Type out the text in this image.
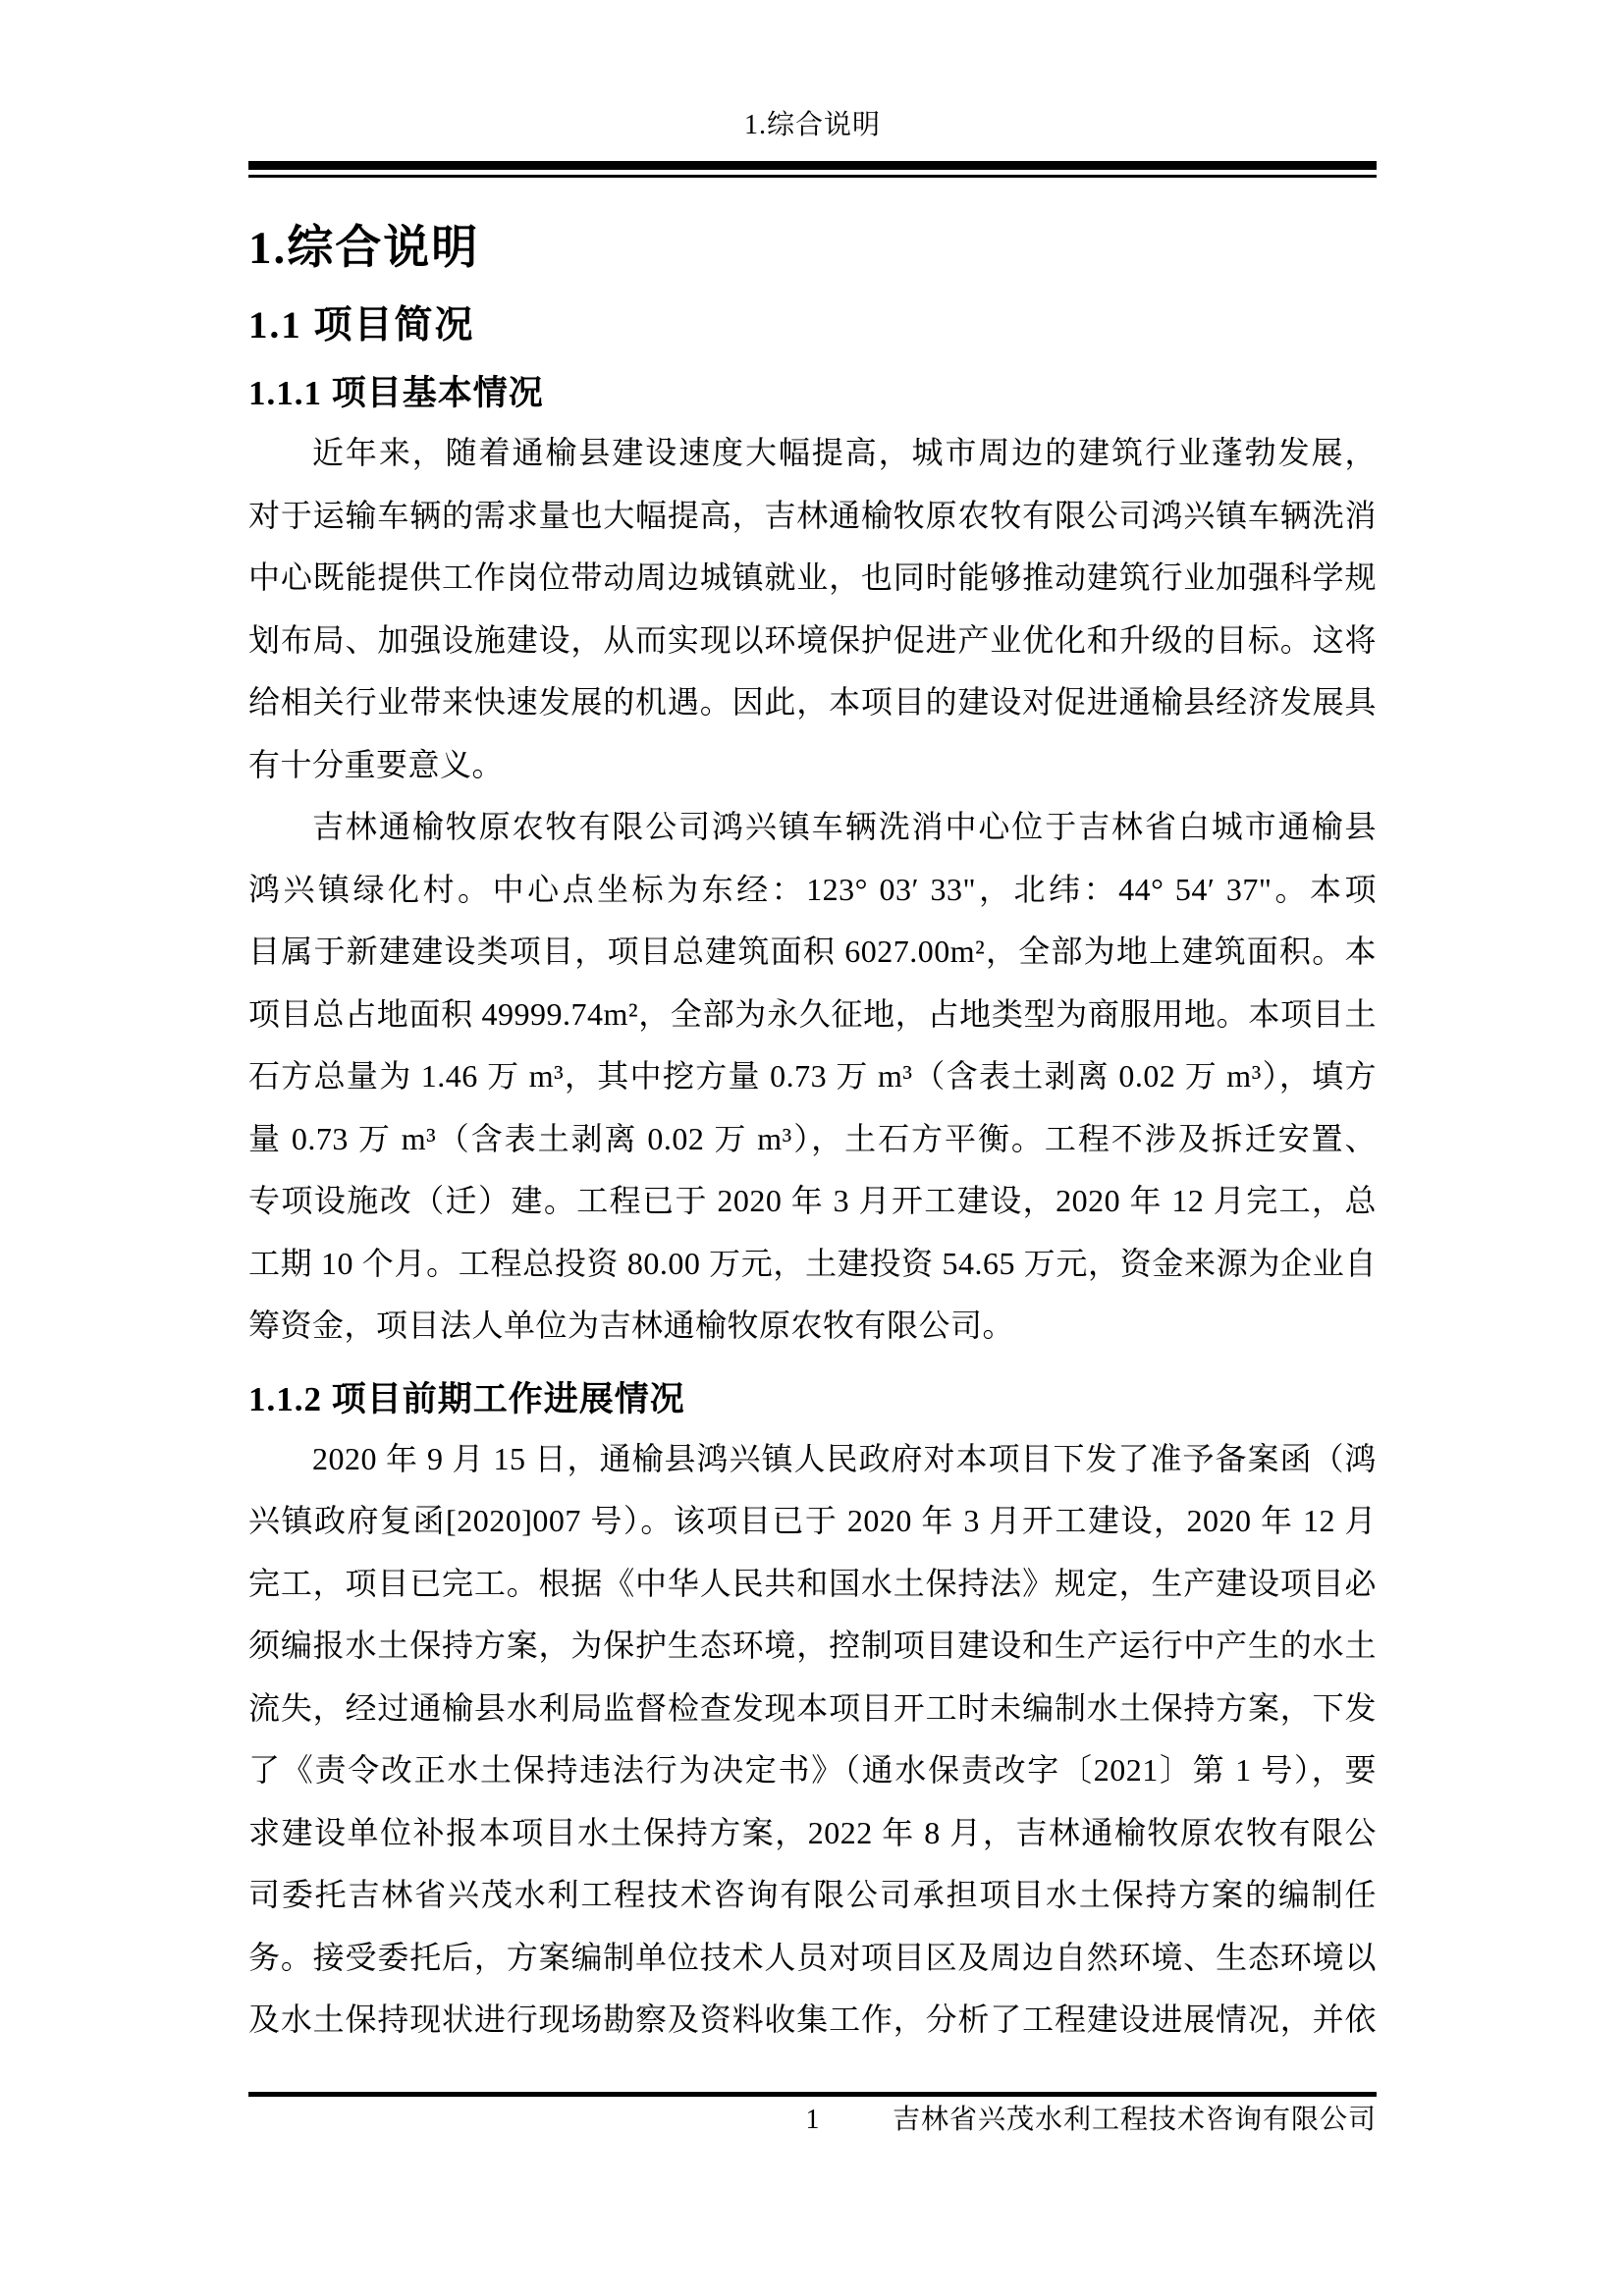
1.综合说明
1.综合说明
1.1 项目简况
1.1.1 项目基本情况
近年来，随着通榆县建设速度大幅提高，城市周边的建筑行业蓬勃发展，
对于运输车辆的需求量也大幅提高，吉林通榆牧原农牧有限公司鸿兴镇车辆洗消
中心既能提供工作岗位带动周边城镇就业，也同时能够推动建筑行业加强科学规
划布局、加强设施建设，从而实现以环境保护促进产业优化和升级的目标。这将
给相关行业带来快速发展的机遇。因此，本项目的建设对促进通榆县经济发展具
有十分重要意义。
吉林通榆牧原农牧有限公司鸿兴镇车辆洗消中心位于吉林省白城市通榆县
鸿兴镇绿化村。中心点坐标为东经：123° 03′ 33"，北纬：44° 54′ 37"。本项
目属于新建建设类项目，项目总建筑面积 6027.00m²，全部为地上建筑面积。本
项目总占地面积 49999.74m²，全部为永久征地，占地类型为商服用地。本项目土
石方总量为 1.46 万 m³，其中挖方量 0.73 万 m³（含表土剥离 0.02 万 m³），填方
量 0.73 万 m³（含表土剥离 0.02 万 m³），土石方平衡。工程不涉及拆迁安置、
专项设施改（迁）建。工程已于 2020 年 3 月开工建设，2020 年 12 月完工，总
工期 10 个月。工程总投资 80.00 万元，土建投资 54.65 万元，资金来源为企业自
筹资金，项目法人单位为吉林通榆牧原农牧有限公司。
1.1.2 项目前期工作进展情况
2020 年 9 月 15 日，通榆县鸿兴镇人民政府对本项目下发了准予备案函（鸿
兴镇政府复函[2020]007 号）。该项目已于 2020 年 3 月开工建设，2020 年 12 月
完工，项目已完工。根据《中华人民共和国水土保持法》规定，生产建设项目必
须编报水土保持方案，为保护生态环境，控制项目建设和生产运行中产生的水土
流失，经过通榆县水利局监督检查发现本项目开工时未编制水土保持方案，下发
了《责令改正水土保持违法行为决定书》（通水保责改字〔2021〕第 1 号），要
求建设单位补报本项目水土保持方案，2022 年 8 月，吉林通榆牧原农牧有限公
司委托吉林省兴茂水利工程技术咨询有限公司承担项目水土保持方案的编制任
务。接受委托后，方案编制单位技术人员对项目区及周边自然环境、生态环境以
及水土保持现状进行现场勘察及资料收集工作，分析了工程建设进展情况，并依
1	吉林省兴茂水利工程技术咨询有限公司
